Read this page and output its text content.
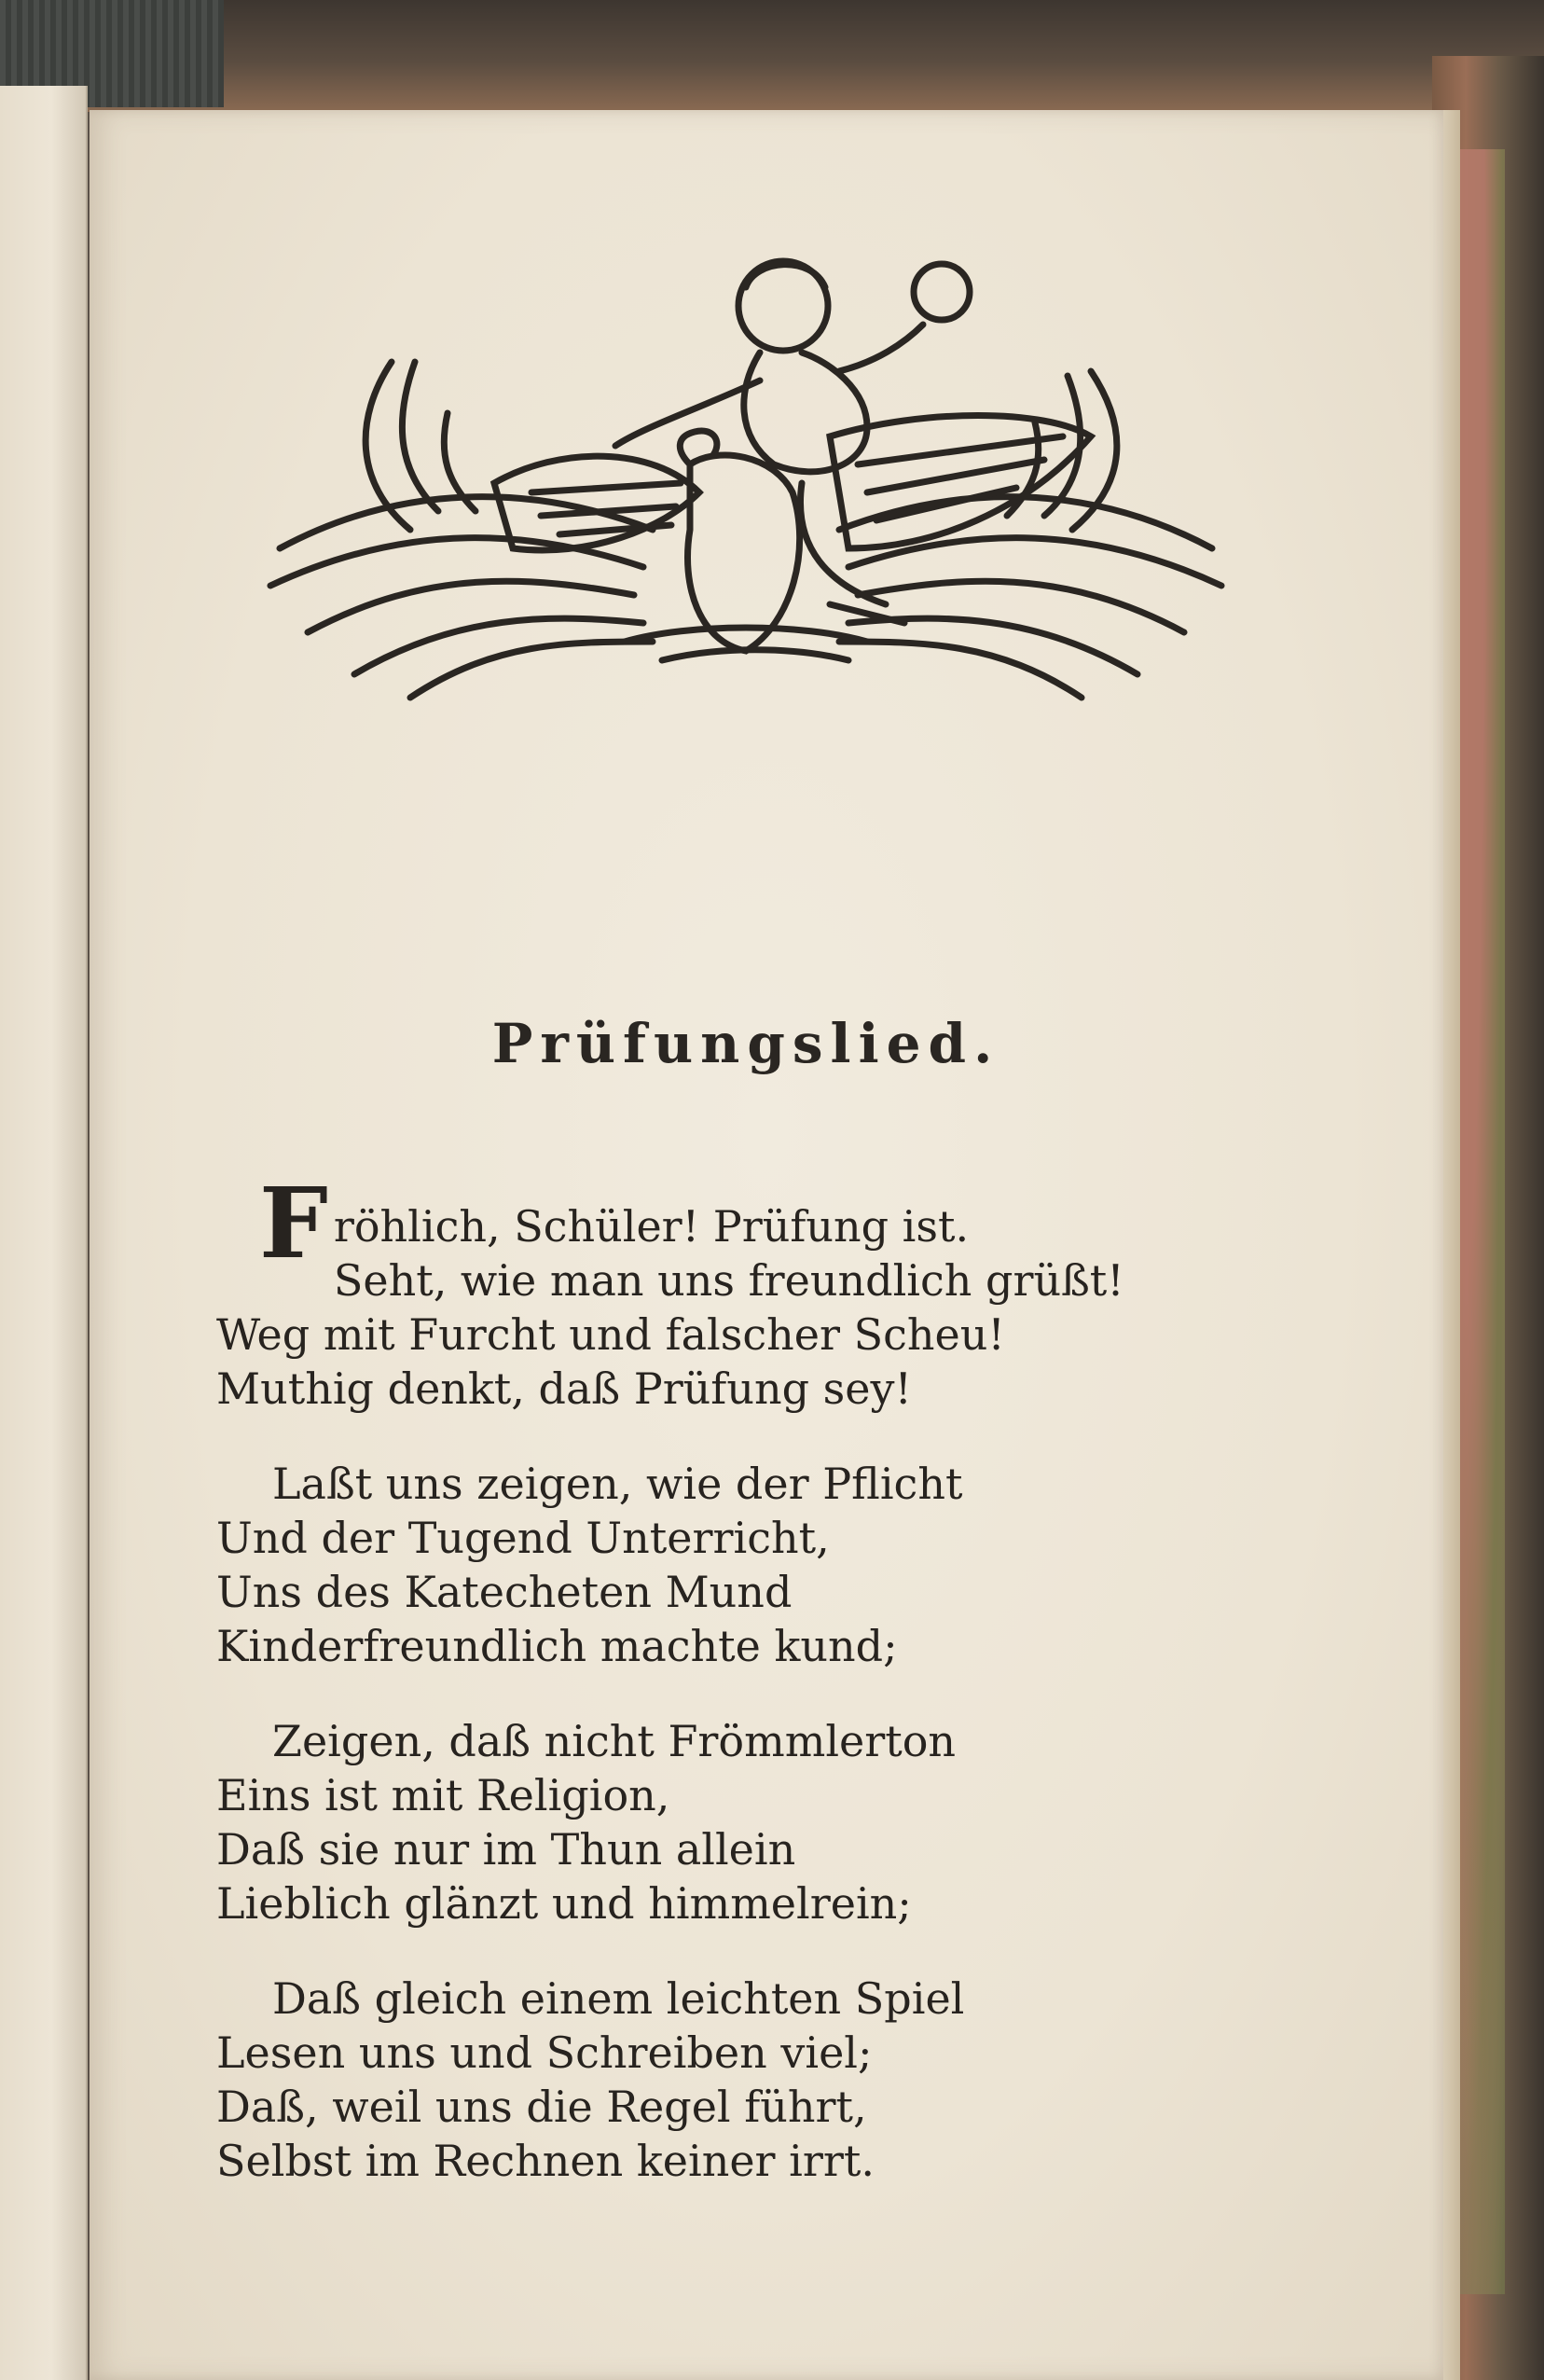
Prüfungslied.
F röhlich, Schüler! Prüfung ist.
Seht, wie man uns freundlich grüßt!
Weg mit Furcht und falscher Scheu!
Muthig denkt, daß Prüfung sey!
Laßt uns zeigen, wie der Pflicht
Und der Tugend Unterricht,
Uns des Katecheten Mund
Kinderfreundlich machte kund;
Zeigen, daß nicht Frömmlerton
Eins ist mit Religion,
Daß sie nur im Thun allein
Lieblich glänzt und himmelrein;
Daß gleich einem leichten Spiel
Lesen uns und Schreiben viel;
Daß, weil uns die Regel führt,
Selbst im Rechnen keiner irrt.
